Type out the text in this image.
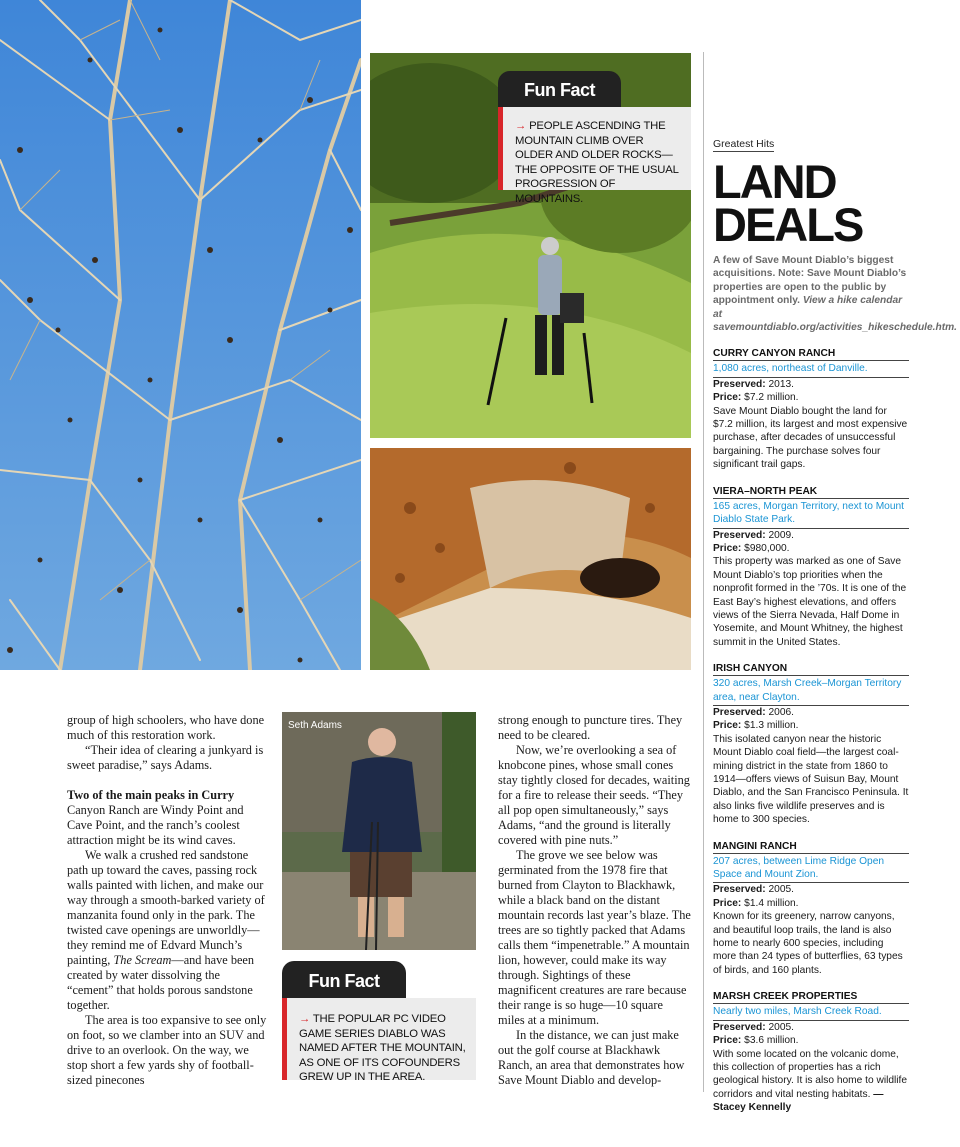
Fun Fact
→ PEOPLE ASCENDING THE MOUNTAIN CLIMB OVER OLDER AND OLDER ROCKS—THE OPPOSITE OF THE USUAL PROGRESSION OF MOUNTAINS.

group of high schoolers, who have done much of this restoration work.

“Their idea of clearing a junkyard is sweet paradise,” says Adams.

Two of the main peaks in Curry Canyon Ranch are Windy Point and Cave Point, and the ranch’s coolest attraction might be its wind caves.

We walk a crushed red sandstone path up toward the caves, passing rock walls painted with lichen, and make our way through a smooth-barked variety of manzanita found only in the park. The twisted cave openings are unworldly—they remind me of Edvard Munch’s painting, The Scream—and have been created by water dissolving the “cement” that holds porous sandstone together.

The area is too expansive to see only on foot, so we clamber into an SUV and drive to an overlook. On the way, we stop short a few yards shy of football-sized pinecones

Seth Adams
Fun Fact
→ THE POPULAR PC VIDEO GAME SERIES DIABLO WAS NAMED AFTER THE MOUNTAIN, AS ONE OF ITS COFOUNDERS GREW UP IN THE AREA.

strong enough to puncture tires. They need to be cleared.

Now, we’re overlooking a sea of knobcone pines, whose small cones stay tightly closed for decades, waiting for a fire to release their seeds. “They all pop open simultaneously,” says Adams, “and the ground is literally covered with pine nuts.”

The grove we see below was germinated from the 1978 fire that burned from Clayton to Blackhawk, while a black band on the distant mountain records last year’s blaze. The trees are so tightly packed that Adams calls them “impenetrable.” A mountain lion, however, could make its way through. Sightings of these magnificent creatures are rare because their range is so huge—10 square miles at a minimum.

In the distance, we can just make out the golf course at Blackhawk Ranch, an area that demonstrates how Save Mount Diablo and develop-

Greatest Hits
LAND
DEALS
A few of Save Mount Diablo’s biggest acquisitions. Note: Save Mount Diablo’s properties are open to the public by appointment only. View a hike calendar at savemountdiablo.org/activities_hikeschedule.htm.
CURRY CANYON RANCH
1,080 acres, northeast of Danville.
Preserved: 2013.
Price: $7.2 million.
Save Mount Diablo bought the land for $7.2 million, its largest and most expensive purchase, after decades of unsuccessful bargaining. The purchase solves four significant trail gaps.
VIERA–NORTH PEAK
165 acres, Morgan Territory, next to Mount Diablo State Park.
Preserved: 2009.
Price: $980,000.
This property was marked as one of Save Mount Diablo’s top priorities when the nonprofit formed in the ’70s. It is one of the East Bay’s highest elevations, and offers views of the Sierra Nevada, Half Dome in Yosemite, and Mount Whitney, the highest summit in the United States.
IRISH CANYON
320 acres, Marsh Creek–Morgan Territory area, near Clayton.
Preserved: 2006.
Price: $1.3 million.
This isolated canyon near the historic Mount Diablo coal field—the largest coal-mining district in the state from 1860 to 1914—offers views of Suisun Bay, Mount Diablo, and the San Francisco Peninsula. It also links five wildlife preserves and is home to 300 species.
MANGINI RANCH
207 acres, between Lime Ridge Open Space and Mount Zion.
Preserved: 2005.
Price: $1.4 million.
Known for its greenery, narrow canyons, and beautiful loop trails, the land is also home to nearly 600 species, including more than 24 types of butterflies, 63 types of birds, and 160 plants.
MARSH CREEK PROPERTIES
Nearly two miles, Marsh Creek Road.
Preserved: 2005.
Price: $3.6 million.
With some located on the volcanic dome, this collection of properties has a rich geological history. It is also home to wildlife corridors and vital nesting habitats. —Stacey Kennelly
